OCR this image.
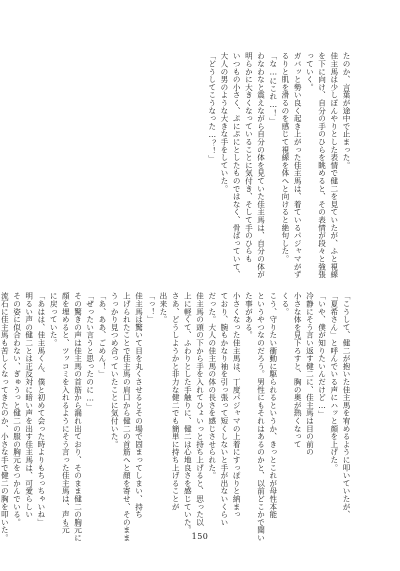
たのか、言葉が途中で止まった。

佳主馬は少しぽんやりとした表情で健二を見ていたが、ふと視線

を下に向け、自分の手のひらを眺めると、その表情が段々と強張

っていく。

ガバッと勢い良く起き上がった佳主馬は、着ているパジャマがず

るりと肌を滑るのを感じて視線を体へと向けると絶句した。

「な…にこれ…！」

わなわなと震えながら自分の体を見ていた佳主馬は、自分の体が

明らかに大きくなっていることに気付き、そして手のひらも

いつもの小さく、ぷにぷにとしたものではなく、骨ばっていて、

大人の男のような大きな手をしていた。

「どうしてこうなった…？！」

「こうして、健二が抱いた佳主馬を宥めるように叩いていたが、

「夏希さん」と呼んでいる声にハッと顔を上げた。

「いや、僕が知りたいんだけど…」

冷静にそう言い返す健二に、佳主馬は目の前の

小さな体を見下ろすと、胸の奥が熱くなって

くる。

こう、守りたい衝動に駆られるというか、きっとこれが母性本能

というやつなのだろう。男性にもそれはあるのかと、以前どこかで聞い

た事がある。

小さくなった佳主馬は、丁度パジャマの上着にすっぽりと納まっ

ており、腕もかなり袖を引っ張って短くしないと手が出ないくらい

だった。大人の佳主馬の体の長さを感じさせられた。

佳主馬の頭の下から手を入れてひょいっと持ち上げると、思った以

上に軽くて、ふわりとした手触りに、健二は心地良さを感じていた。

さあ、どうしようかと非力な健二でも簡単に持ち上げることが

出来た。

「っ！」

佳主馬は驚いて目を丸くさせるとその場で固まってしまい、持ち

上げられたことで佳主馬の肩口から健二の首筋へと顔を寄せ、そのまま

うっかり見つめ合っていたことに気付いた。

「あ、ああ、ごめん！」

「ぜったい言うと思ったのに…」

その驚きの声は佳主馬の首筋から漏れ出ており、そのまま健二の胸元に

顔を埋めると、ツッコミを入れるようにそう言った佳主馬は、声も元

に戻っていた。

「あはは、佳主馬くん、僕と初めて会った時よりもちっちゃいね」

明るい声の健二とは正反対に暗い声を出す佳主馬は、可愛らしい

その姿に似合わない、ぎゅうっと健二の服の胸元をつかんでいる。

流石に佳主馬も苦しくなってきたのか、小さな手で健二の胸を叩いた。	150
